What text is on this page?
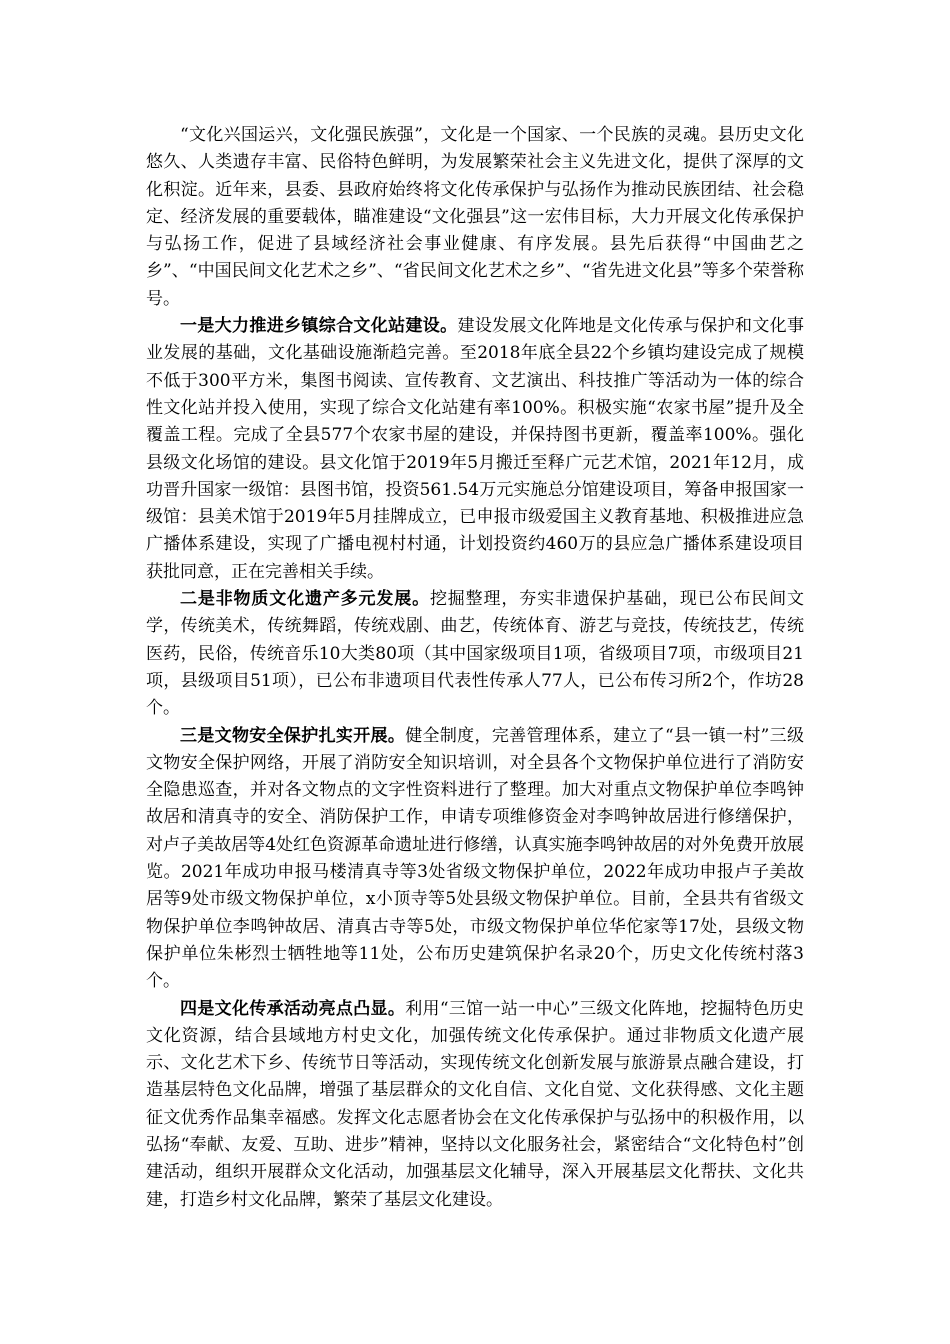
“文化兴国运兴，文化强民族强”，文化是一个国家、一个民族的灵魂。县历史文化悠久、人类遗存丰富、民俗特色鲜明，为发展繁荣社会主义先进文化，提供了深厚的文化积淀。近年来，县委、县政府始终将文化传承保护与弘扬作为推动民族团结、社会稳定、经济发展的重要载体，瞄准建设“文化强县”这一宏伟目标，大力开展文化传承保护与弘扬工作，促进了县域经济社会事业健康、有序发展。县先后获得“中国曲艺之乡”、“中国民间文化艺术之乡”、“省民间文化艺术之乡”、“省先进文化县”等多个荣誉称号。

一是大力推进乡镇综合文化站建设。建设发展文化阵地是文化传承与保护和文化事业发展的基础，文化基础设施渐趋完善。至2018年底全县22个乡镇均建设完成了规模不低于300平方米，集图书阅读、宣传教育、文艺演出、科技推广等活动为一体的综合性文化站并投入使用，实现了综合文化站建有率100%。积极实施“农家书屋”提升及全覆盖工程。完成了全县577个农家书屋的建设，并保持图书更新，覆盖率100%。强化县级文化场馆的建设。县文化馆于2019年5月搬迁至释广元艺术馆，2021年12月，成功晋升国家一级馆：县图书馆，投资561.54万元实施总分馆建设项目，筹备申报国家一级馆：县美术馆于2019年5月挂牌成立，已申报市级爱国主义教育基地、积极推进应急广播体系建设，实现了广播电视村村通，计划投资约460万的县应急广播体系建设项目获批同意，正在完善相关手续。

二是非物质文化遗产多元发展。挖掘整理，夯实非遗保护基础，现已公布民间文学，传统美术，传统舞蹈，传统戏剧、曲艺，传统体育、游艺与竞技，传统技艺，传统医药，民俗，传统音乐10大类80项（其中国家级项目1项，省级项目7项，市级项目21项，县级项目51项），已公布非遗项目代表性传承人77人，已公布传习所2个，作坊28个。

三是文物安全保护扎实开展。健全制度，完善管理体系，建立了“县一镇一村”三级文物安全保护网络，开展了消防安全知识培训，对全县各个文物保护单位进行了消防安全隐患巡查，并对各文物点的文字性资料进行了整理。加大对重点文物保护单位李鸣钟故居和清真寺的安全、消防保护工作，申请专项维修资金对李鸣钟故居进行修缮保护，对卢子美故居等4处红色资源革命遗址进行修缮，认真实施李鸣钟故居的对外免费开放展览。2021年成功申报马楼清真寺等3处省级文物保护单位，2022年成功申报卢子美故居等9处市级文物保护单位，x小顶寺等5处县级文物保护单位。目前，全县共有省级文物保护单位李鸣钟故居、清真古寺等5处，市级文物保护单位华佗家等17处，县级文物保护单位朱彬烈士牺牲地等11处，公布历史建筑保护名录20个，历史文化传统村落3个。

四是文化传承活动亮点凸显。利用“三馆一站一中心”三级文化阵地，挖掘特色历史文化资源，结合县域地方村史文化，加强传统文化传承保护。通过非物质文化遗产展示、文化艺术下乡、传统节日等活动，实现传统文化创新发展与旅游景点融合建设，打造基层特色文化品牌，增强了基层群众的文化自信、文化自觉、文化获得感、文化主题征文优秀作品集幸福感。发挥文化志愿者协会在文化传承保护与弘扬中的积极作用，以弘扬“奉献、友爱、互助、进步”精神，坚持以文化服务社会，紧密结合“文化特色村”创建活动，组织开展群众文化活动，加强基层文化辅导，深入开展基层文化帮扶、文化共建，打造乡村文化品牌，繁荣了基层文化建设。
